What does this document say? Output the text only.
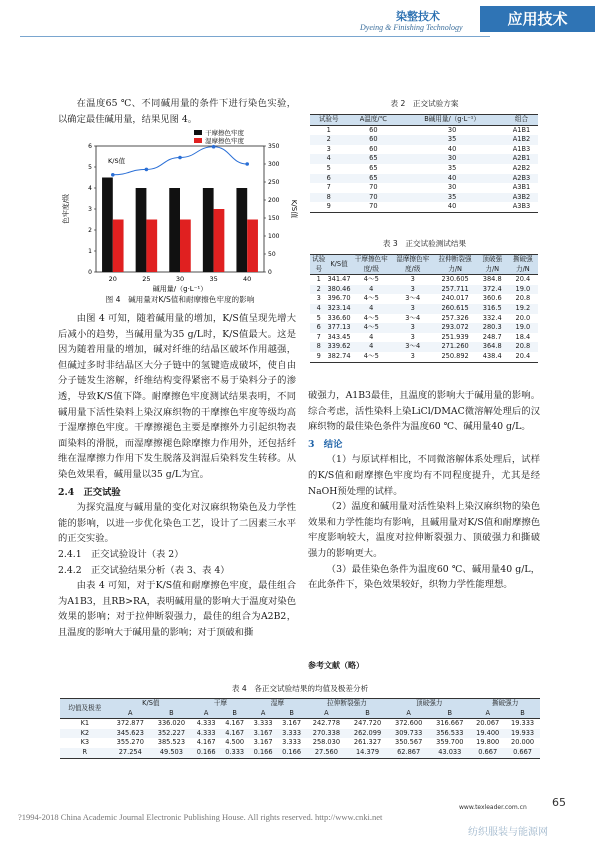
染整技术
Dyeing & Finishing Technology	应用技术

在温度65 ℃、不同碱用量的条件下进行染色实验，以确定最佳碱用量，结果见图 4。

20	25	30	35	40
0
1
2
3
4
5
6
0
50
100
150
200
250
300
350
K/S值
干摩擦色牢度
湿摩擦色牢度
碱用量/（g·L⁻¹）
色牢度/级	K/S值
图 4　碱用量对K/S值和耐摩擦色牢度的影响

由图 4 可知，随着碱用量的增加，K/S值呈现先增大后减小的趋势，当碱用量为35 g/L时，K/S值最大。这是因为随着用量的增加，碱对纤维的结晶区破坏作用越强，但碱过多时非结晶区大分子链中的氢键造成破坏，使自由分子链发生溶解，纤维结构变得紧密不易于染料分子的渗透，导致K/S值下降。耐摩擦色牢度测试结果表明，不同碱用量下活性染料上染汉麻织物的干摩擦色牢度等级均高于湿摩擦色牢度。干摩擦褪色主要是摩擦外力引起织物表面染料的滑脱，而湿摩擦褪色除摩擦力作用外，还包括纤维在湿摩擦力作用下发生脱落及润湿后染料发生转移。从染色效果看，碱用量以35 g/L为宜。

2.4　正交试验

为探究温度与碱用量的变化对汉麻织物染色及力学性能的影响，以进一步优化染色工艺，设计了二因素三水平的正交实验。

2.4.1　正交试验设计（表 2）

2.4.2　正交试验结果分析（表 3、表 4）

由表 4 可知，对于K/S值和耐摩擦色牢度，最佳组合为A1B3，且RB>RA，表明碱用量的影响大于温度对染色效果的影响；对于拉伸断裂强力，最佳的组合为A2B2，且温度的影响大于碱用量的影响；对于顶破和撕

表 2　正交试验方案
试验号	A温度/℃	B碱用量/（g·L⁻¹）	组合
1	60	30	A1B1
2	60	35	A1B2
3	60	40	A1B3
4	65	30	A2B1
5	65	35	A2B2
6	65	40	A2B3
7	70	30	A3B1
8	70	35	A3B2
9	70	40	A3B3
表 3　正交试验测试结果
试验号	K/S值	干摩擦色牢度/级	湿摩擦色牢度/级	拉伸断裂强力/N	顶破强力/N	撕破强力/N
1	341.47	4～5	3	230.605	384.8	20.4
2	380.46	4	3	257.711	372.4	19.0
3	396.70	4～5	3～4	240.017	360.6	20.8
4	323.14	4	3	260.615	316.5	19.2
5	336.60	4～5	3～4	257.326	332.4	20.0
6	377.13	4～5	3	293.072	280.3	19.0
7	343.45	4	3	251.939	248.7	18.4
8	339.62	4	3～4	271.260	364.8	20.8
9	382.74	4～5	3	250.892	438.4	20.4

破强力，A1B3最佳，且温度的影响大于碱用量的影响。综合考虑，活性染料上染LiCl/DMAC微溶解处理后的汉麻织物的最佳染色条件为温度60 ℃、碱用量40 g/L。

3　结论

（1）与原试样相比，不同微溶解体系处理后，试样的K/S值和耐摩擦色牢度均有不同程度提升，尤其是经NaOH预处理的试样。

（2）温度和碱用量对活性染料上染汉麻织物的染色效果和力学性能均有影响，且碱用量对K/S值和耐摩擦色牢度影响较大，温度对拉伸断裂强力、顶破强力和撕破强力的影响更大。

（3）最佳染色条件为温度60 ℃、碱用量40 g/L，在此条件下，染色效果较好，织物力学性能理想。

参考文献（略）
表 4　各正交试验结果的均值及极差分析
均值及极差	K/S值		干摩		湿摩		拉伸断裂强力		顶破强力		撕破强力	
	A	B	A	B	A	B	A	B	A	B	A	B
K1	372.877	336.020	4.333	4.167	3.333	3.167	242.778	247.720	372.600	316.667	20.067	19.333
K2	345.623	352.227	4.333	4.167	3.167	3.333	270.338	262.099	309.733	356.533	19.400	19.933
K3	355.270	385.523	4.167	4.500	3.167	3.333	258.030	261.327	350.567	359.700	19.800	20.000
R	27.254	49.503	0.166	0.333	0.166	0.166	27.560	14.379	62.867	43.033	0.667	0.667
65
www.texleader.com.cn
?1994-2018 China Academic Journal Electronic Publishing House. All rights reserved. http://www.cnki.net
纺织服装与能源网
